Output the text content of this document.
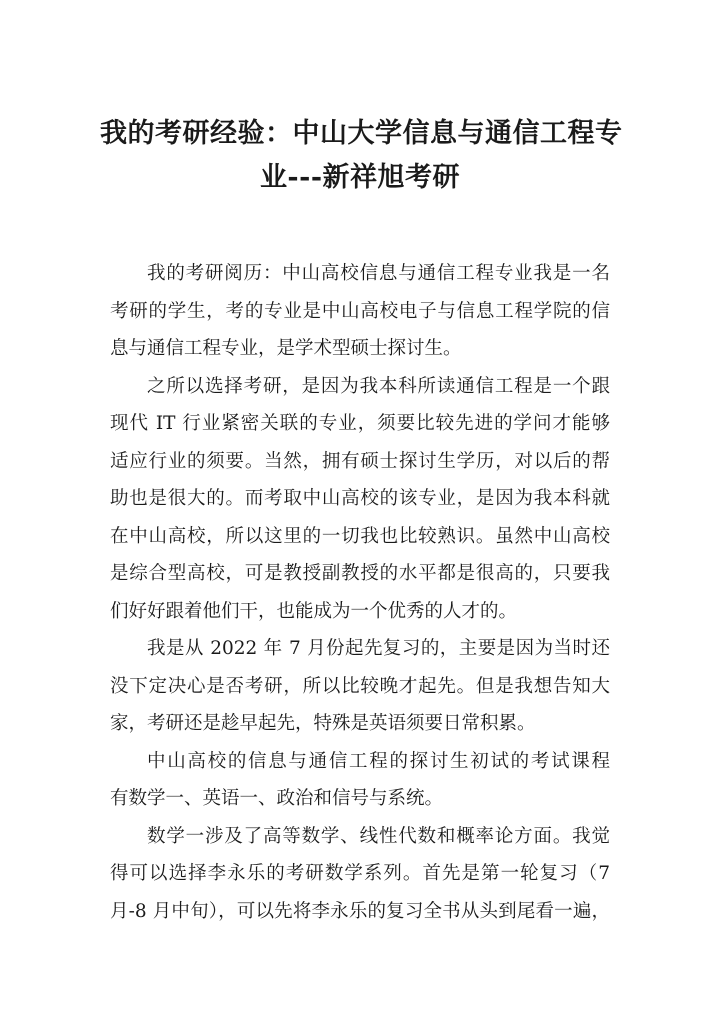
我的考研经验：中山大学信息与通信工程专
业---新祥旭考研

我的考研阅历：中山高校信息与通信工程专业我是一名
考研的学生，考的专业是中山高校电子与信息工程学院的信
息与通信工程专业，是学术型硕士探讨生。

之所以选择考研，是因为我本科所读通信工程是一个跟
现代 IT 行业紧密关联的专业，须要比较先进的学问才能够
适应行业的须要。当然，拥有硕士探讨生学历，对以后的帮
助也是很大的。而考取中山高校的该专业，是因为我本科就
在中山高校，所以这里的一切我也比较熟识。虽然中山高校
是综合型高校，可是教授副教授的水平都是很高的，只要我
们好好跟着他们干，也能成为一个优秀的人才的。

我是从 2022 年 7 月份起先复习的，主要是因为当时还
没下定决心是否考研，所以比较晚才起先。但是我想告知大
家，考研还是趁早起先，特殊是英语须要日常积累。

中山高校的信息与通信工程的探讨生初试的考试课程
有数学一、英语一、政治和信号与系统。

数学一涉及了高等数学、线性代数和概率论方面。我觉
得可以选择李永乐的考研数学系列。首先是第一轮复习（7
月-8 月中旬），可以先将李永乐的复习全书从头到尾看一遍，
